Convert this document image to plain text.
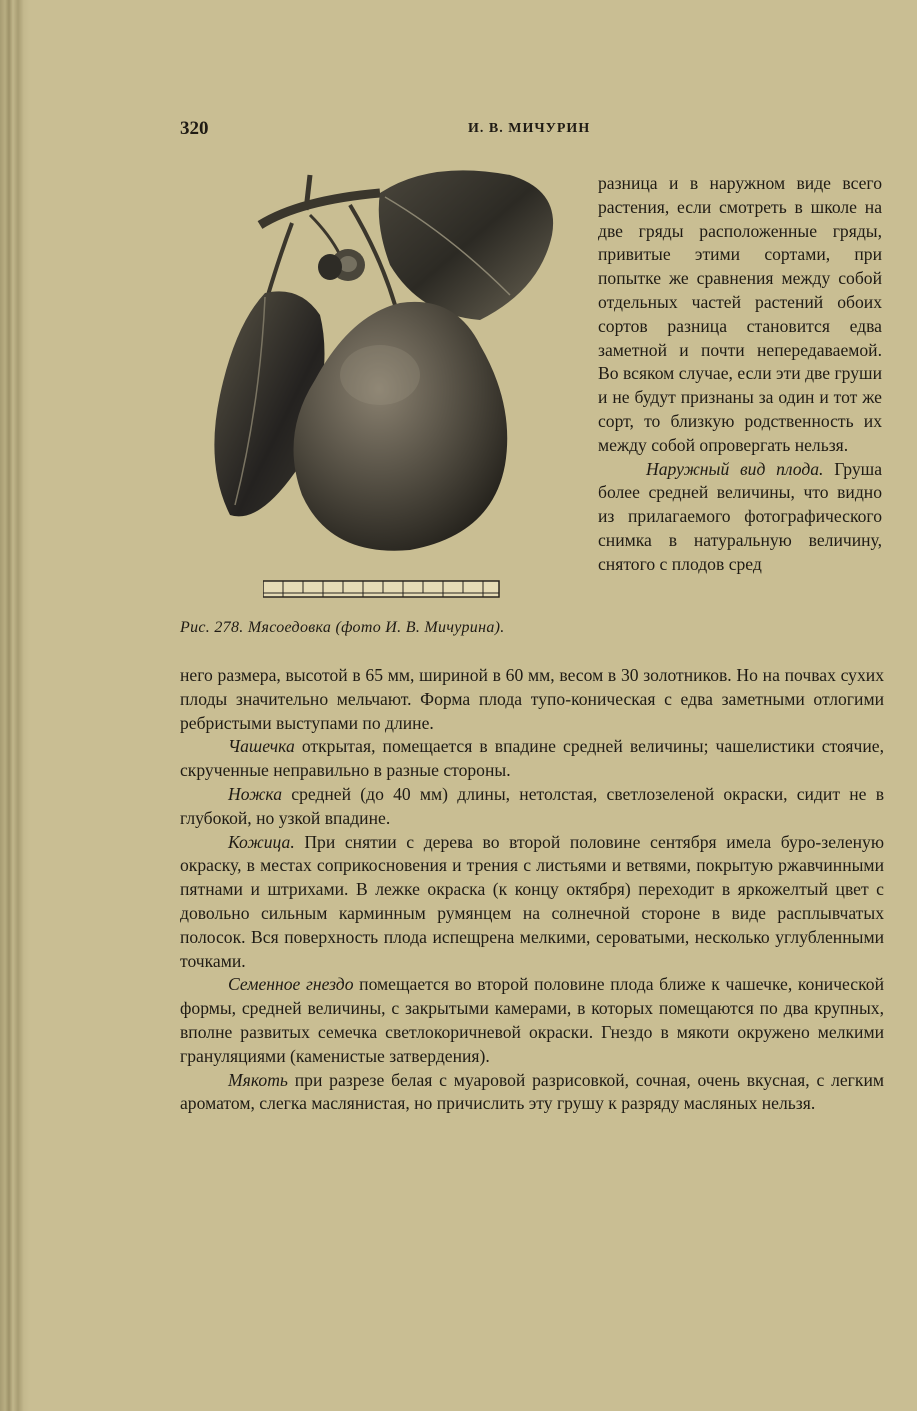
320	И. В. МИЧУРИН
Рис. 278. Мясоедовка (фото И. В. Мичурина).

разница и в наружном виде всего растения, если смотреть в школе на две гряды расположенные гряды, привитые этими сортами, при попытке же сравнения между собой отдельных частей растений обоих сортов разница становится едва заметной и почти непередаваемой. Во всяком случае, если эти две груши и не будут признаны за один и тот же сорт, то близкую родственность их между собой опровергать нельзя.

Наружный вид плода. Груша более средней величины, что видно из прилагаемого фотографического снимка в натуральную величину, снятого с плодов сред

него размера, высотой в 65 мм, шириной в 60 мм, весом в 30 золотников. Но на почвах сухих плоды значительно мельчают. Форма плода тупо-коническая с едва заметными отлогими ребристыми выступами по длине.

Чашечка открытая, помещается в впадине средней величины; чашелистики стоячие, скрученные неправильно в разные стороны.

Ножка средней (до 40 мм) длины, нетолстая, светлозеленой окраски, сидит не в глубокой, но узкой впадине.

Кожица. При снятии с дерева во второй половине сентября имела буро-зеленую окраску, в местах соприкосновения и трения с листьями и ветвями, покрытую ржавчинными пятнами и штрихами. В лежке окраска (к концу октября) переходит в яркожелтый цвет с довольно сильным карминным румянцем на солнечной стороне в виде расплывчатых полосок. Вся поверхность плода испещрена мелкими, сероватыми, несколько углубленными точками.

Семенное гнездо помещается во второй половине плода ближе к чашечке, конической формы, средней величины, с закрытыми камерами, в которых помещаются по два крупных, вполне развитых семечка светлокоричневой окраски. Гнездо в мякоти окружено мелкими грануляциями (каменистые затвердения).

Мякоть при разрезе белая с муаровой разрисовкой, сочная, очень вкусная, с легким ароматом, слегка маслянистая, но причислить эту грушу к разряду масляных нельзя.
